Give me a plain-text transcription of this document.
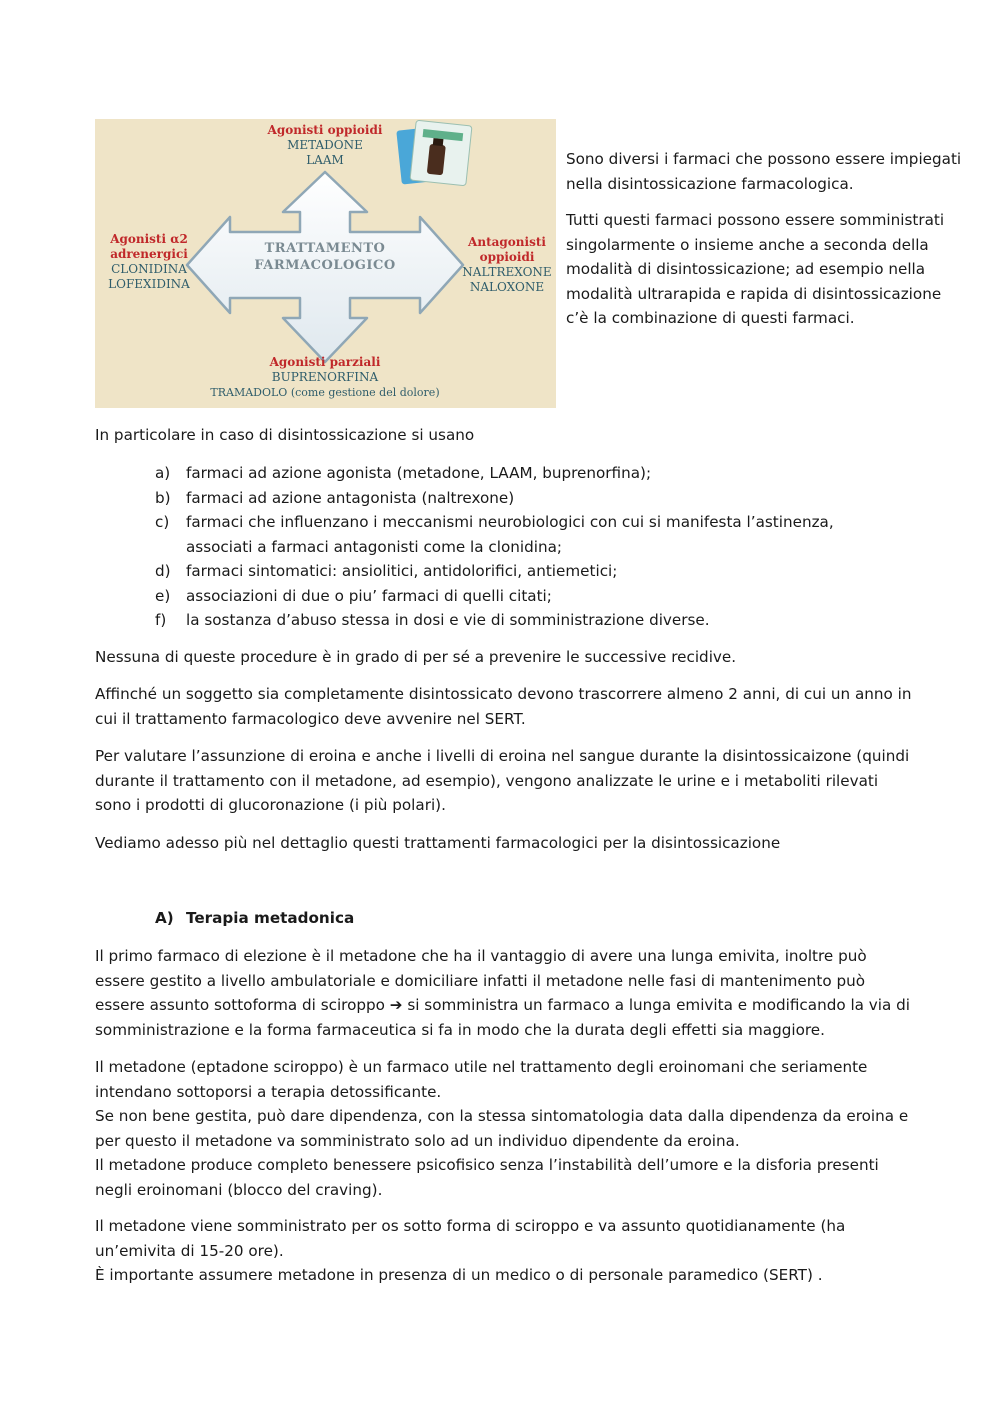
Agonisti oppioidi
METADONE
LAAM
Agonisti α2
adrenergici
CLONIDINA
LOFEXIDINA
Antagonisti
oppioidi
NALTREXONE
NALOXONE
Agonisti parziali
BUPRENORFINA
TRAMADOLO (come gestione del dolore)
TRATTAMENTO
FARMACOLOGICO

Sono diversi i farmaci che possono essere impiegati nella disintossicazione farmacologica.

Tutti questi farmaci possono essere somministrati singolarmente o insieme anche a seconda della modalità di disintossicazione; ad esempio nella modalità ultrarapida e rapida di disintossicazione c’è la combinazione di questi farmaci.

In particolare in caso di disintossicazione si usano
a) farmaci ad azione agonista (metadone, LAAM, buprenorfina);
b) farmaci ad azione antagonista (naltrexone)
c) farmaci che influenzano i meccanismi neurobiologici con cui si manifesta l’astinenza, associati a farmaci antagonisti come la clonidina;
d) farmaci sintomatici: ansiolitici, antidolorifici, antiemetici;
e) associazioni di due o piu’ farmaci di quelli citati;
f) la sostanza d’abuso stessa in dosi e vie di somministrazione diverse.
Nessuna di queste procedure è in grado di per sé a prevenire le successive recidive.
Affinché un soggetto sia completamente disintossicato devono trascorrere almeno 2 anni, di cui un anno in cui il trattamento farmacologico deve avvenire nel SERT.
Per valutare l’assunzione di eroina e anche i livelli di eroina nel sangue durante la disintossicaizone (quindi durante il trattamento con il metadone, ad esempio), vengono analizzate le urine e i metaboliti rilevati sono i prodotti di glucoronazione (i più polari).
Vediamo adesso più nel dettaglio questi trattamenti farmacologici per la disintossicazione
A) Terapia metadonica
Il primo farmaco di elezione è il metadone che ha il vantaggio di avere una lunga emivita, inoltre può essere gestito a livello ambulatoriale e domiciliare infatti il metadone nelle fasi di mantenimento può essere assunto sottoforma di sciroppo ➔ si somministra un farmaco a lunga emivita e modificando la via di somministrazione e la forma farmaceutica si fa in modo che la durata degli effetti sia maggiore.

Il metadone (eptadone sciroppo) è un farmaco utile nel trattamento degli eroinomani che seriamente intendano sottoporsi a terapia detossificante.

Se non bene gestita, può dare dipendenza, con la stessa sintomatologia data dalla dipendenza da eroina e per questo il metadone va somministrato solo ad un individuo dipendente da eroina.

Il metadone produce completo benessere psicofisico senza l’instabilità dell’umore e la disforia presenti negli eroinomani (blocco del craving).

Il metadone viene somministrato per os sotto forma di sciroppo e va assunto quotidianamente (ha un’emivita di 15-20 ore).

È importante assumere metadone in presenza di un medico o di personale paramedico (SERT) .
